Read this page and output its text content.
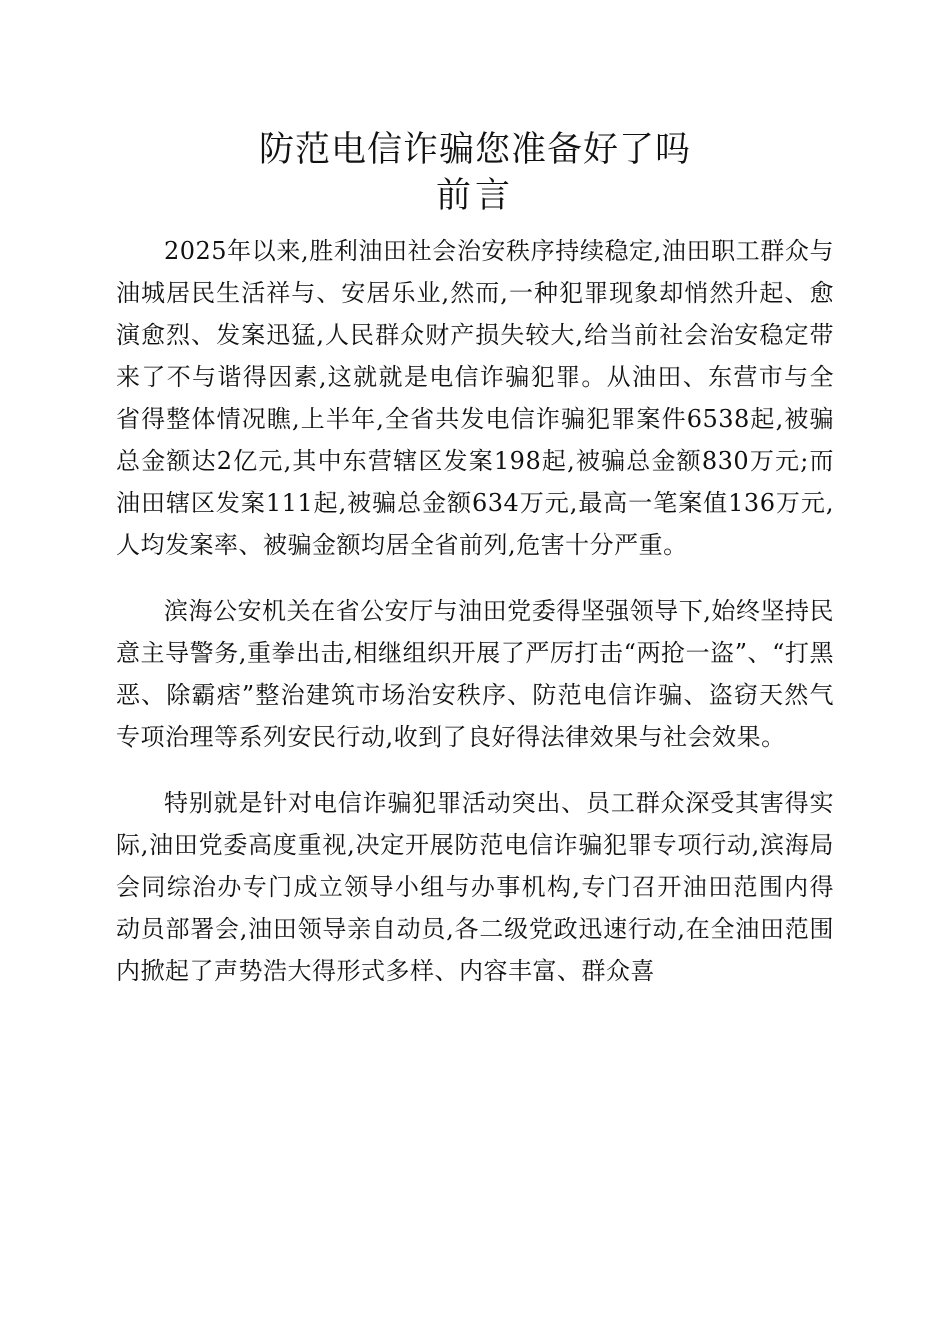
防范电信诈骗您准备好了吗
前言

2025年以来,胜利油田社会治安秩序持续稳定,油田职工群众与油城居民生活祥与、安居乐业,然而,一种犯罪现象却悄然升起、愈演愈烈、发案迅猛,人民群众财产损失较大,给当前社会治安稳定带来了不与谐得因素,这就就是电信诈骗犯罪。从油田、东营市与全省得整体情况瞧,上半年,全省共发电信诈骗犯罪案件6538起,被骗总金额达2亿元,其中东营辖区发案198起,被骗总金额830万元;而油田辖区发案111起,被骗总金额634万元,最高一笔案值136万元,人均发案率、被骗金额均居全省前列,危害十分严重。

滨海公安机关在省公安厅与油田党委得坚强领导下,始终坚持民意主导警务,重拳出击,相继组织开展了严厉打击“两抢一盗”、“打黑恶、除霸痞”整治建筑市场治安秩序、防范电信诈骗、盗窃天然气专项治理等系列安民行动,收到了良好得法律效果与社会效果。

特别就是针对电信诈骗犯罪活动突出、员工群众深受其害得实际,油田党委高度重视,决定开展防范电信诈骗犯罪专项行动,滨海局会同综治办专门成立领导小组与办事机构,专门召开油田范围内得动员部署会,油田领导亲自动员,各二级党政迅速行动,在全油田范围内掀起了声势浩大得形式多样、内容丰富、群众喜
